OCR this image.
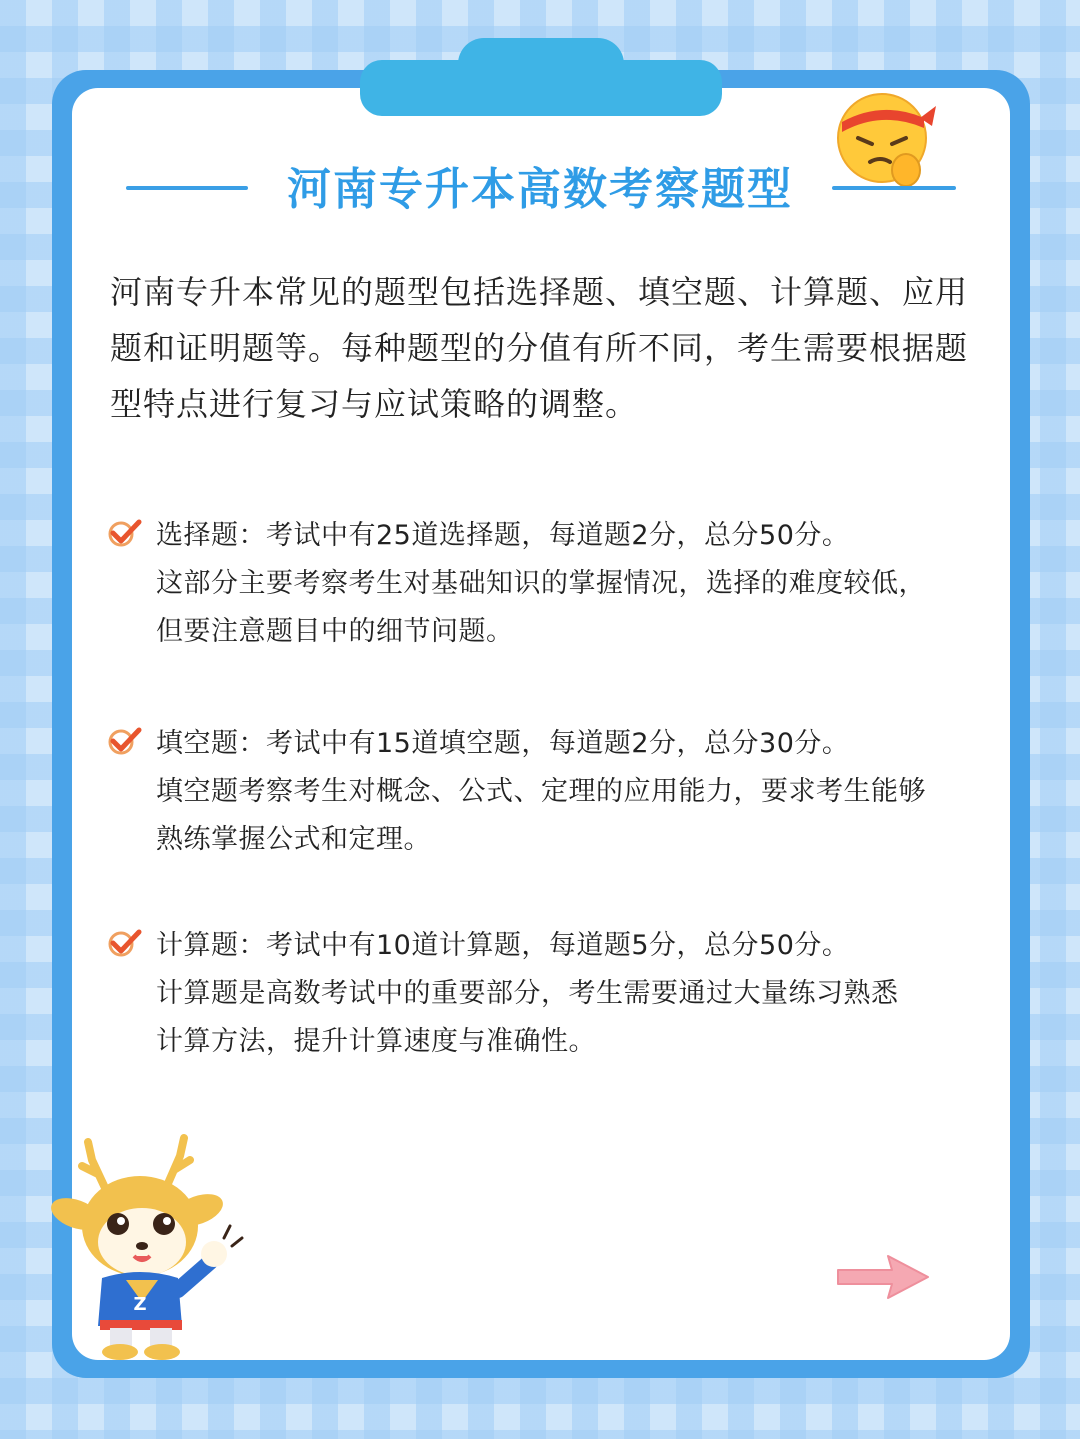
河南专升本高数考察题型
河南专升本常见的题型包括选择题、填空题、计算题、应用题和证明题等。每种题型的分值有所不同，考生需要根据题型特点进行复习与应试策略的调整。
选择题：考试中有25道选择题，每道题2分，总分50分。
这部分主要考察考生对基础知识的掌握情况，选择的难度较低，
但要注意题目中的细节问题。
填空题：考试中有15道填空题，每道题2分，总分30分。
填空题考察考生对概念、公式、定理的应用能力，要求考生能够
熟练掌握公式和定理。
计算题：考试中有10道计算题，每道题5分，总分50分。
计算题是高数考试中的重要部分，考生需要通过大量练习熟悉
计算方法，提升计算速度与准确性。
Z
